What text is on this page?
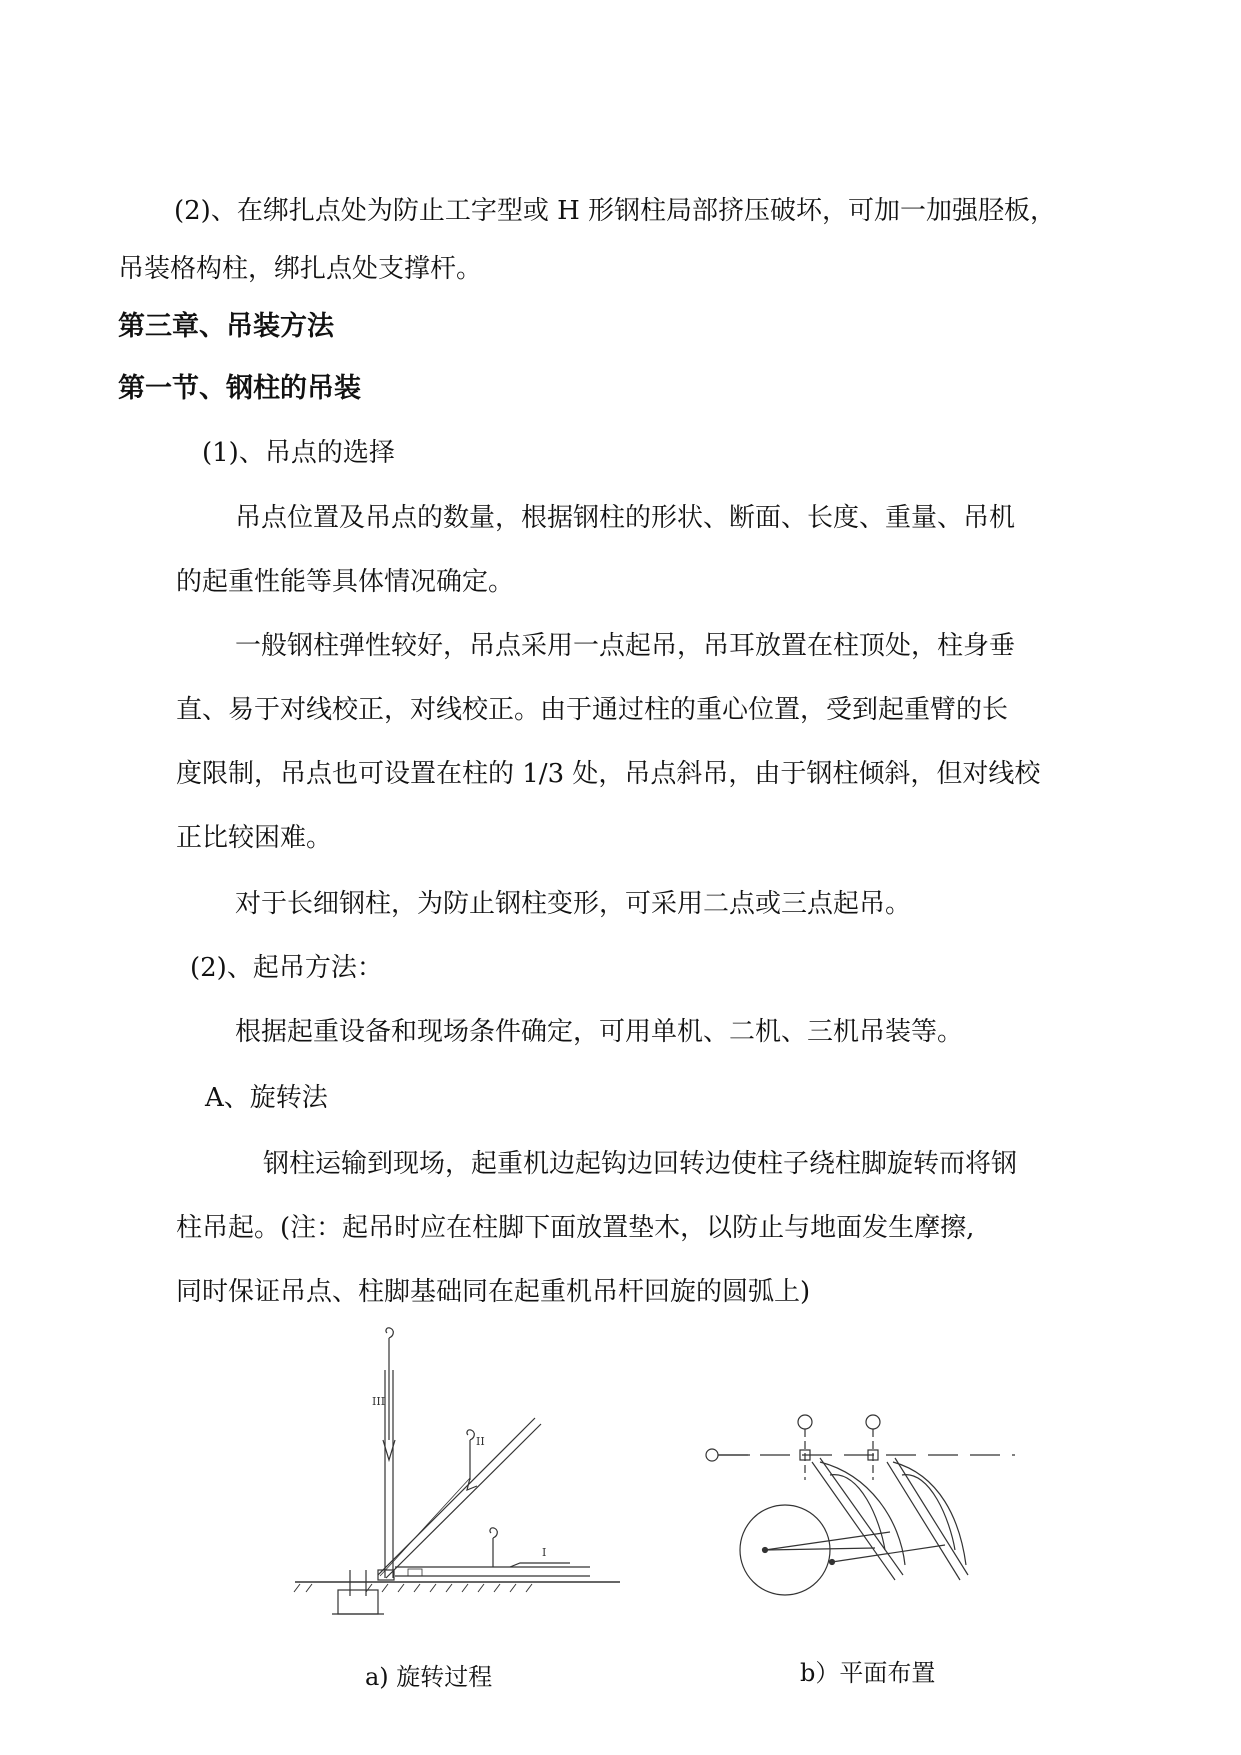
(2)、在绑扎点处为防止工字型或 H 形钢柱局部挤压破坏，可加一加强胫板，
吊装格构柱，绑扎点处支撑杆。
第三章、吊装方法
第一节、钢柱的吊装
(1)、吊点的选择
吊点位置及吊点的数量，根据钢柱的形状、断面、长度、重量、吊机
的起重性能等具体情况确定。
一般钢柱弹性较好，吊点采用一点起吊，吊耳放置在柱顶处，柱身垂
直、易于对线校正，对线校正。由于通过柱的重心位置，受到起重臂的长
度限制，吊点也可设置在柱的 1/3 处，吊点斜吊，由于钢柱倾斜，但对线校
正比较困难。
对于长细钢柱，为防止钢柱变形，可采用二点或三点起吊。
(2)、起吊方法：
根据起重设备和现场条件确定，可用单机、二机、三机吊装等。
A、旋转法
钢柱运输到现场，起重机边起钩边回转边使柱子绕柱脚旋转而将钢
柱吊起。(注：起吊时应在柱脚下面放置垫木，以防止与地面发生摩擦,
同时保证吊点、柱脚基础同在起重机吊杆回旋的圆弧上)
III
II
I
a) 旋转过程	b）平面布置
